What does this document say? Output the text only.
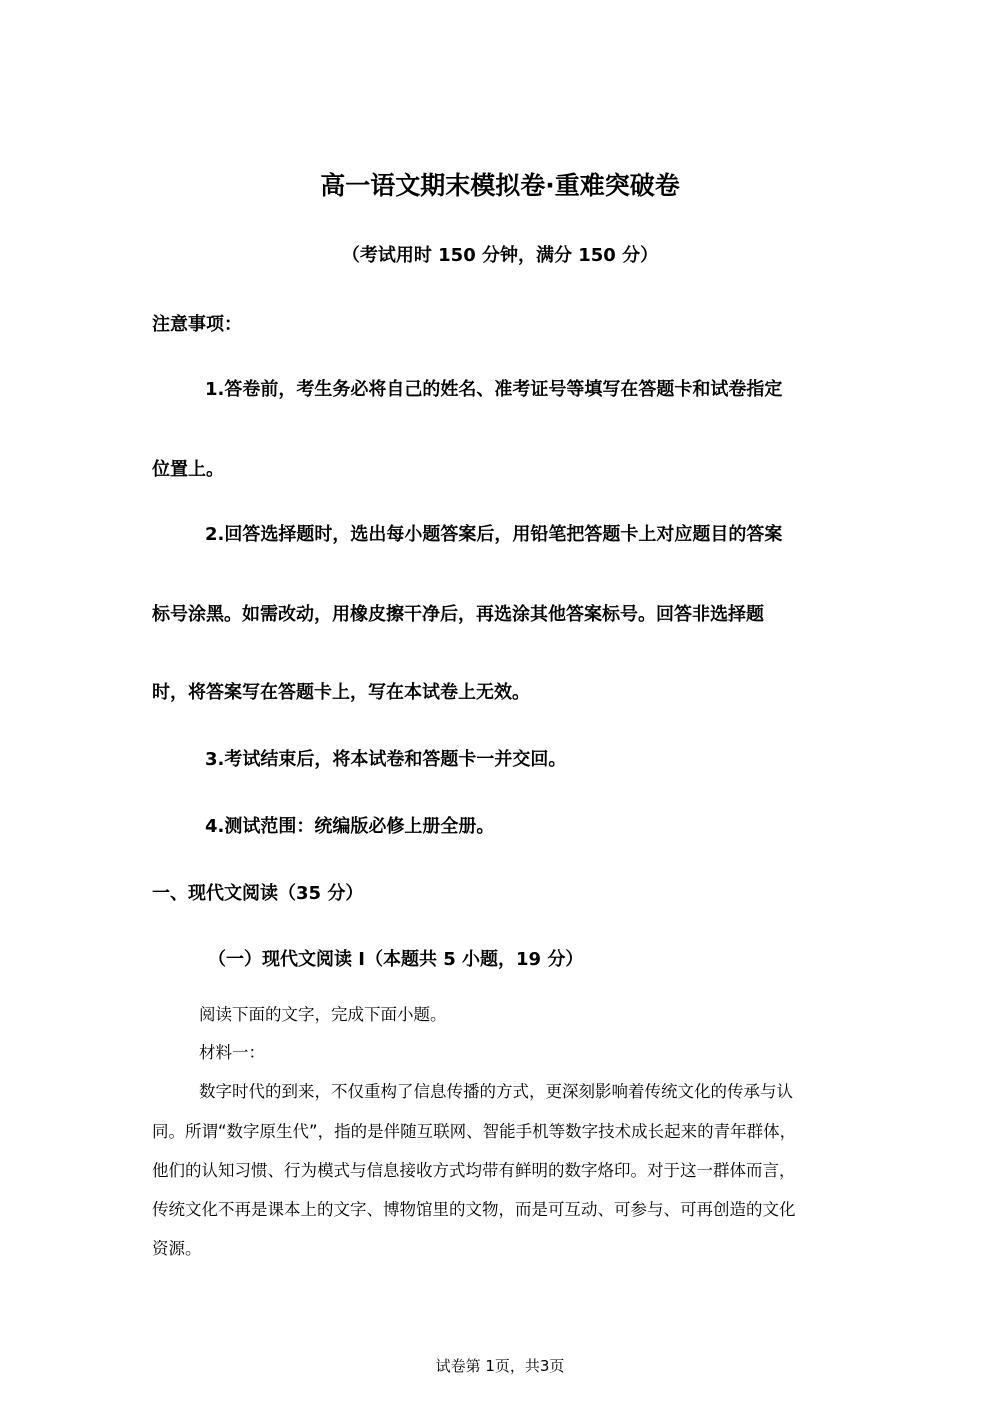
高一语文期末模拟卷·重难突破卷
（考试用时 150 分钟，满分 150 分）
注意事项：
1.答卷前，考生务必将自己的姓名、准考证号等填写在答题卡和试卷指定
位置上。
2.回答选择题时，选出每小题答案后，用铅笔把答题卡上对应题目的答案
标号涂黑。如需改动，用橡皮擦干净后，再选涂其他答案标号。回答非选择题
时，将答案写在答题卡上，写在本试卷上无效。
3.考试结束后，将本试卷和答题卡一并交回。
4.测试范围：统编版必修上册全册。
一、现代文阅读（35 分）
（一）现代文阅读 Ⅰ（本题共 5 小题，19 分）
阅读下面的文字，完成下面小题。
材料一：
数字时代的到来，不仅重构了信息传播的方式，更深刻影响着传统文化的传承与认
同。所谓“数字原生代”，指的是伴随互联网、智能手机等数字技术成长起来的青年群体，
他们的认知习惯、行为模式与信息接收方式均带有鲜明的数字烙印。对于这一群体而言，
传统文化不再是课本上的文字、博物馆里的文物，而是可互动、可参与、可再创造的文化
资源。
试卷第 1页，共3页
